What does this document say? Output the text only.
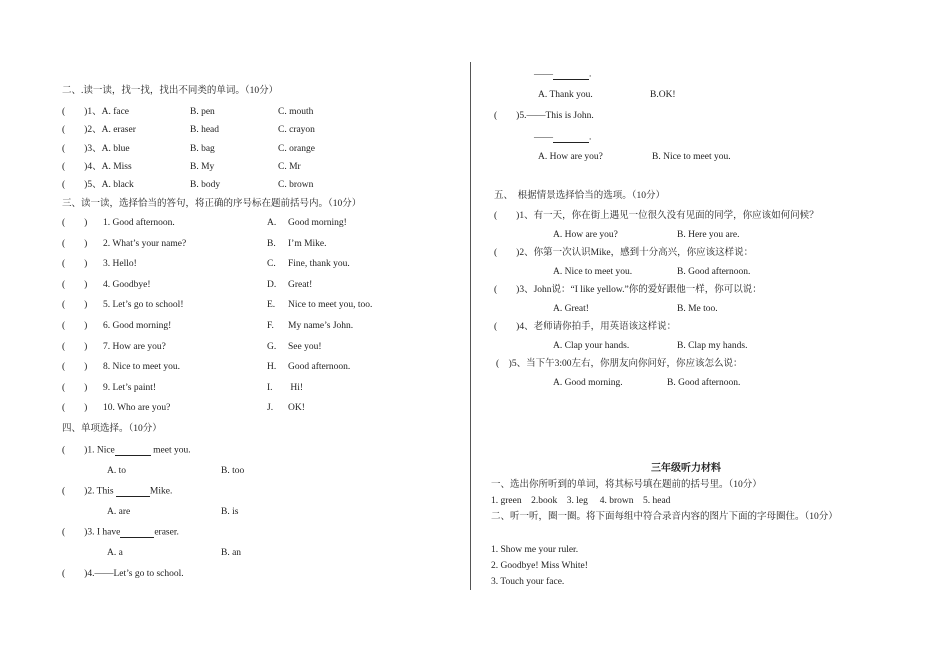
二、.读一读，找一找，找出不同类的单词。（10分）
(　　)1、A. face	B. pen	C. mouth
(　　)2、A. eraser	B. head	C. crayon
(　　)3、A. blue	B. bag	C. orange
(　　)4、A. Miss	B. My	C. Mr
(　　)5、A. black	B. body	C. brown
三、读一读，选择恰当的答句，将正确的序号标在题前括号内。（10分）
(　　) 1. Good afternoon.	A. Good morning!
(　　) 2. What’s your name?	B. I’m Mike.
(　　) 3. Hello!	C. Fine, thank you.
(　　) 4. Goodbye!	D. Great!
(　　) 5. Let’s go to school!	E. Nice to meet you, too.
(　　) 6. Good morning!	F. My name’s John.
(　　) 7. How are you?	G. See you!
(　　) 8. Nice to meet you.	H. Good afternoon.
(　　) 9. Let’s paint!	I. Hi!
(　　) 10. Who are you?	J. OK!
四、单项选择。（10分）
(　　)1. Nice	meet you.
A. to	B. too
(　　)2. This	Mike.
A. are	B. is
(　　)3. I have	eraser.
A. a	B. an
(　　)4.——Let’s go to school.
——	.
A. Thank you.	B.OK!
(　　)5.——This is John.
——	.
A. How are you?	B. Nice to meet you.
五、　根据情景选择恰当的选项。（10分）
(　　)1、有一天，你在街上遇见一位很久没有见面的同学，你应该如何问候？
A. How are you?	B. Here you are.
(　　)2、你第一次认识Mike，感到十分高兴，你应该这样说：
A. Nice to meet you.	B. Good afternoon.
(　　)3、John说：“I like yellow.”你的爱好跟他一样，你可以说：
A. Great!	B. Me too.
(　　)4、老师请你拍手，用英语该这样说：
A. Clap your hands.	B. Clap my hands.
(　)5、当下午3:00左右，你朋友向你问好，你应该怎么说：
A. Good morning.	B. Good afternoon.
三年级听力材料
一、选出你所听到的单词，将其标号填在题前的括号里。（10分）
1. green　2.book　3. leg　 4. brown　5. head
二、听一听，圈一圈。将下面每组中符合录音内容的图片下面的字母圈住。（10分）
1. Show me your ruler.
2. Goodbye! Miss White!
3. Touch your face.
